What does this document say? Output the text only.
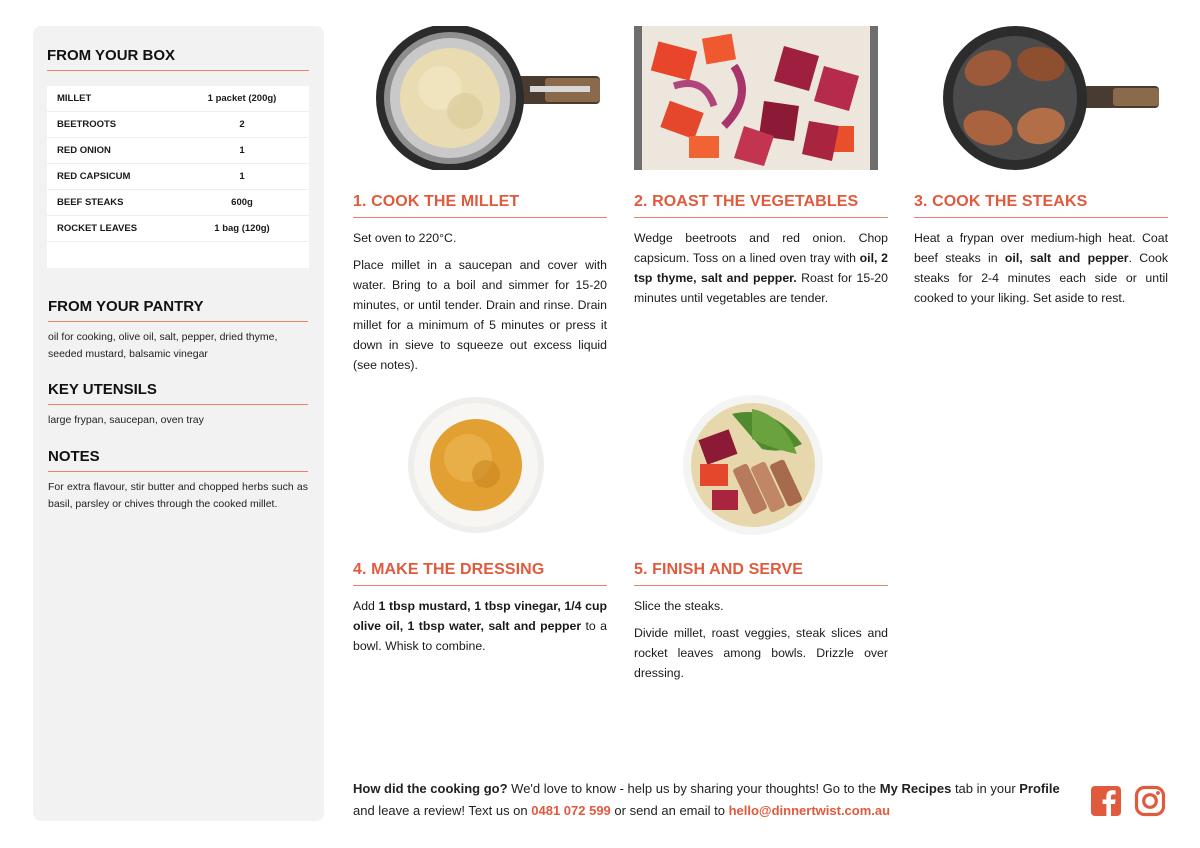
FROM YOUR BOX
MILLET	1 packet (200g)
BEETROOTS	2
RED ONION	1
RED CAPSICUM	1
BEEF STEAKS	600g
ROCKET LEAVES	1 bag (120g)
FROM YOUR PANTRY
oil for cooking, olive oil, salt, pepper, dried thyme, seeded mustard, balsamic vinegar
KEY UTENSILS
large frypan, saucepan, oven tray
NOTES
For extra flavour, stir butter and chopped herbs such as basil, parsley or chives through the cooked millet.
1. COOK THE MILLET

Set oven to 220°C.

Place millet in a saucepan and cover with water. Bring to a boil and simmer for 15-20 minutes, or until tender. Drain and rinse. Drain millet for a minimum of 5 minutes or press it down in sieve to squeeze out excess liquid (see notes).

2. ROAST THE VEGETABLES

Wedge beetroots and red onion. Chop capsicum. Toss on a lined oven tray with oil, 2 tsp thyme, salt and pepper. Roast for 15-20 minutes until vegetables are tender.

3. COOK THE STEAKS

Heat a frypan over medium-high heat. Coat beef steaks in oil, salt and pepper. Cook steaks for 2-4 minutes each side or until cooked to your liking. Set aside to rest.

4. MAKE THE DRESSING

Add 1 tbsp mustard, 1 tbsp vinegar, 1/4 cup olive oil, 1 tbsp water, salt and pepper to a bowl. Whisk to combine.

5. FINISH AND SERVE

Slice the steaks.

Divide millet, roast veggies, steak slices and rocket leaves among bowls. Drizzle over dressing.

How did the cooking go? We'd love to know - help us by sharing your thoughts! Go to the My Recipes tab in your Profile and leave a review! Text us on 0481 072 599 or send an email to hello@dinnertwist.com.au
